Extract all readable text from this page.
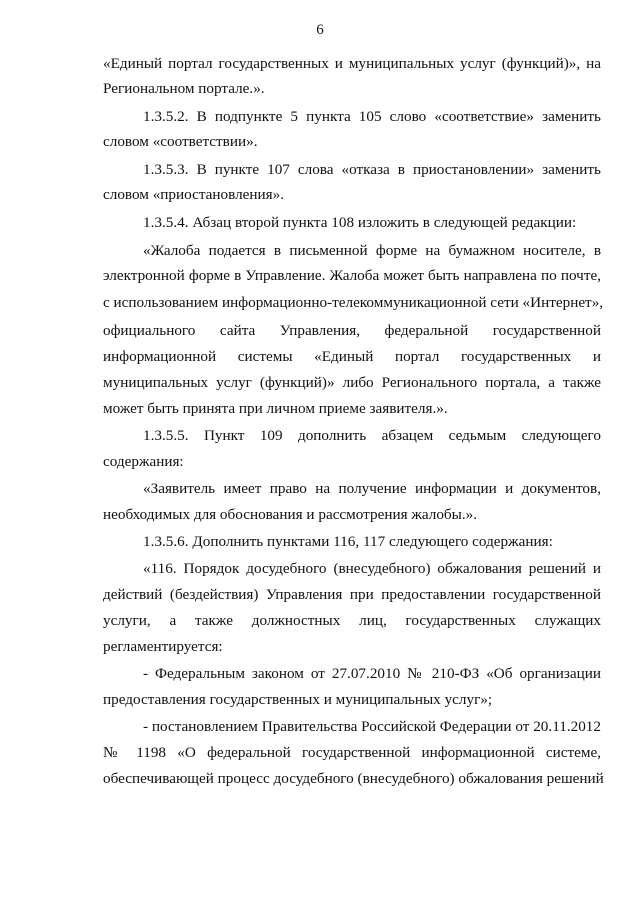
6
«Единый портал государственных и муниципальных услуг (функций)», на
Региональном портале.».
1.3.5.2. В подпункте 5 пункта 105 слово «соответствие» заменить
словом «соответствии».
1.3.5.3. В пункте 107 слова «отказа в приостановлении» заменить
словом «приостановления».
1.3.5.4. Абзац второй пункта 108 изложить в следующей редакции:
«Жалоба подается в письменной форме на бумажном носителе, в
электронной форме в Управление. Жалоба может быть направлена по почте,
с использованием информационно-телекоммуникационной сети «Интернет»,
официального сайта Управления, федеральной государственной
информационной системы «Единый портал государственных и
муниципальных услуг (функций)» либо Регионального портала, а также
может быть принята при личном приеме заявителя.».
1.3.5.5. Пункт 109 дополнить абзацем седьмым следующего
содержания:
«Заявитель имеет право на получение информации и документов,
необходимых для обоснования и рассмотрения жалобы.».
1.3.5.6. Дополнить пунктами 116, 117 следующего содержания:
«116. Порядок досудебного (внесудебного) обжалования решений и
действий (бездействия) Управления при предоставлении государственной
услуги, а также должностных лиц, государственных служащих
регламентируется:
- Федеральным законом от 27.07.2010 № 210-ФЗ «Об организации
предоставления государственных и муниципальных услуг»;
- постановлением Правительства Российской Федерации от 20.11.2012
№ 1198 «О федеральной государственной информационной системе,
обеспечивающей процесс досудебного (внесудебного) обжалования решений
